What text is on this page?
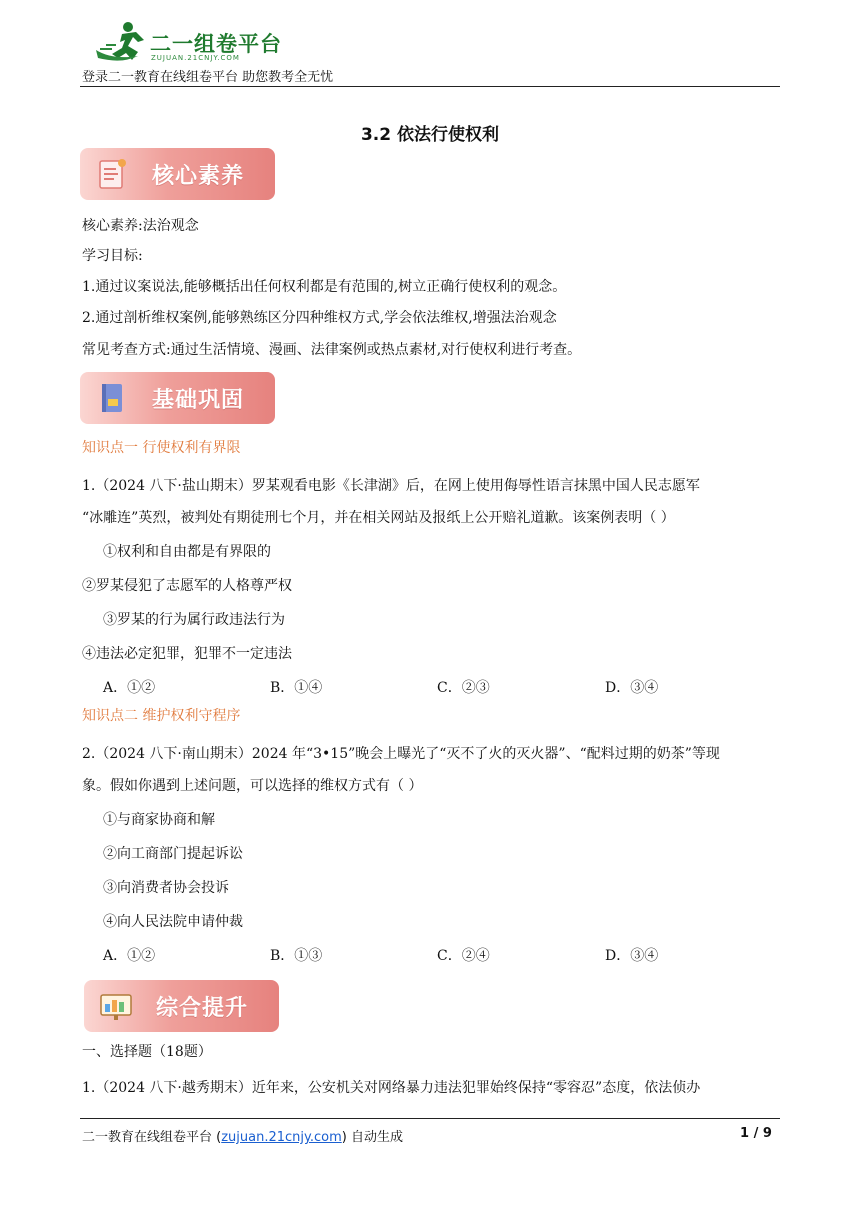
二一组卷平台
ZUJUAN.21CNJY.COM
登录二一教育在线组卷平台 助您教考全无忧
3.2 依法行使权利
核心素养
核心素养:法治观念
学习目标:
1.通过议案说法,能够概括出任何权利都是有范围的,树立正确行使权利的观念。
2.通过剖析维权案例,能够熟练区分四种维权方式,学会依法维权,增强法治观念
常见考查方式:通过生活情境、漫画、法律案例或热点素材,对行使权利进行考查。
基础巩固
知识点一 行使权利有界限
1.（2024 八下·盐山期末）罗某观看电影《长津湖》后，在网上使用侮辱性语言抹黑中国人民志愿军
“冰雕连”英烈，被判处有期徒刑七个月，并在相关网站及报纸上公开赔礼道歉。该案例表明（ ）
①权利和自由都是有界限的
②罗某侵犯了志愿军的人格尊严权
③罗某的行为属行政违法行为
④违法必定犯罪，犯罪不一定违法
A．①②	B．①④	C．②③	D．③④
知识点二 维护权利守程序
2.（2024 八下·南山期末）2024 年“3•15”晚会上曝光了“灭不了火的灭火器”、“配料过期的奶茶”等现
象。假如你遇到上述问题，可以选择的维权方式有（ ）
①与商家协商和解
②向工商部门提起诉讼
③向消费者协会投诉
④向人民法院申请仲裁
A．①②	B．①③	C．②④	D．③④
综合提升
一、选择题（18题）
1.（2024 八下·越秀期末）近年来，公安机关对网络暴力违法犯罪始终保持“零容忍”态度，依法侦办
二一教育在线组卷平台 (zujuan.21cnjy.com) 自动生成	1 / 9
